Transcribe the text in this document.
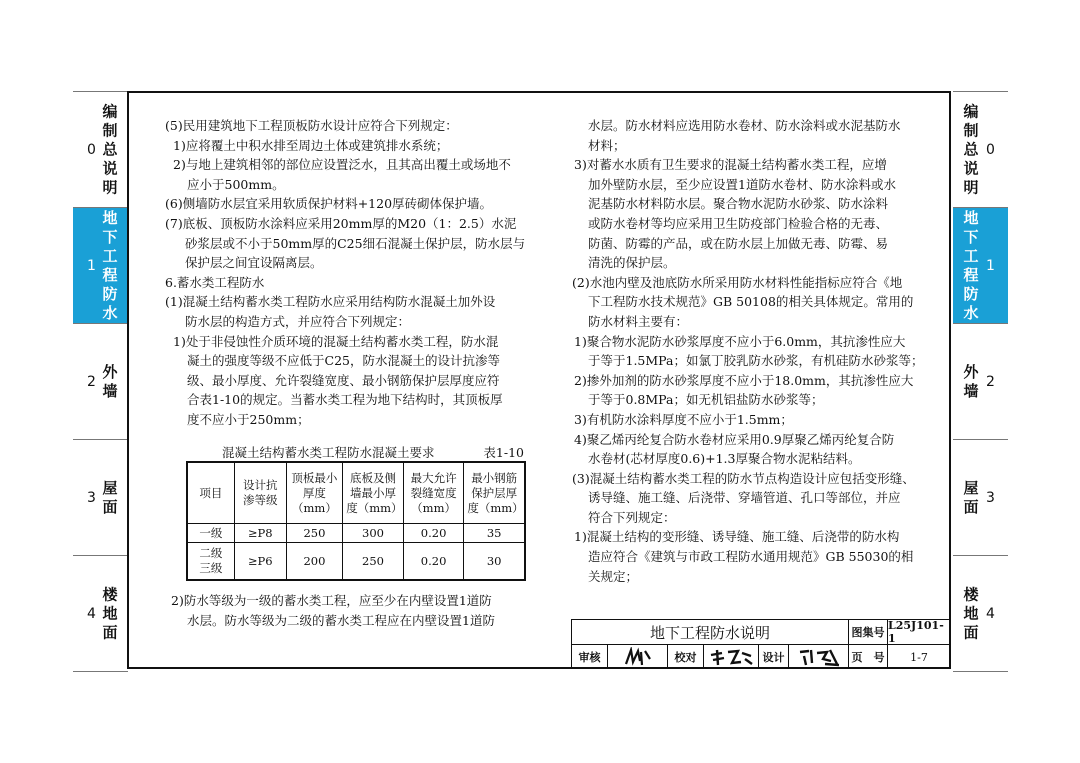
编
制
总
说
明
0
地
下
工
程
防
水
1
外
墙
2
屋
面
3
楼
地
面
4
编
制
总
说
明
0
地
下
工
程
防
水
1
外
墙 2
屋
面 3
楼
地
面
4
(5)民用建筑地下工程顶板防水设计应符合下列规定：
1)应将覆土中积水排至周边土体或建筑排水系统；
2)与地上建筑相邻的部位应设置泛水，且其高出覆土或场地不
应小于500mm。
(6)侧墙防水层宜采用软质保护材料+120厚砖砌体保护墙。
(7)底板、顶板防水涂料应采用20mm厚的M20（1：2.5）水泥
砂浆层或不小于50mm厚的C25细石混凝土保护层，防水层与
保护层之间宜设隔离层。
6.蓄水类工程防水
(1)混凝土结构蓄水类工程防水应采用结构防水混凝土加外设
防水层的构造方式，并应符合下列规定：
1)处于非侵蚀性介质环境的混凝土结构蓄水类工程，防水混
凝土的强度等级不应低于C25，防水混凝土的设计抗渗等
级、最小厚度、允许裂缝宽度、最小钢筋保护层厚度应符
合表1-10的规定。当蓄水类工程为地下结构时，其顶板厚
度不应小于250mm；
混凝土结构蓄水类工程防水混凝土要求	表1-10
项目	设计抗渗等级	顶板最小厚度（mm）	底板及侧墙最小厚度（mm）	最大允许裂缝宽度（mm）	最小钢筋保护层厚度（mm）
一级	≥P8	250	300	0.20	35
二级
三级	≥P6	200	250	0.20	30
2)防水等级为一级的蓄水类工程，应至少在内壁设置1道防
水层。防水等级为二级的蓄水类工程应在内壁设置1道防
水层。防水材料应选用防水卷材、防水涂料或水泥基防水
材料；
3)对蓄水水质有卫生要求的混凝土结构蓄水类工程，应增
加外壁防水层，至少应设置1道防水卷材、防水涂料或水
泥基防水材料防水层。聚合物水泥防水砂浆、防水涂料
或防水卷材等均应采用卫生防疫部门检验合格的无毒、
防菌、防霉的产品，或在防水层上加做无毒、防霉、易
清洗的保护层。
(2)水池内壁及池底防水所采用防水材料性能指标应符合《地
下工程防水技术规范》GB 50108的相关具体规定。常用的
防水材料主要有：
1)聚合物水泥防水砂浆厚度不应小于6.0mm，其抗渗性应大
于等于1.5MPa；如氯丁胶乳防水砂浆，有机硅防水砂浆等；
2)掺外加剂的防水砂浆厚度不应小于18.0mm，其抗渗性应大
于等于0.8MPa；如无机铝盐防水砂浆等；
3)有机防水涂料厚度不应小于1.5mm；
4)聚乙烯丙纶复合防水卷材应采用0.9厚聚乙烯丙纶复合防
水卷材(芯材厚度0.6)+1.3厚聚合物水泥粘结料。
(3)混凝土结构蓄水类工程的防水节点构造设计应包括变形缝、
诱导缝、施工缝、后浇带、穿墙管道、孔口等部位，并应
符合下列规定：
1)混凝土结构的变形缝、诱导缝、施工缝、后浇带的防水构
造应符合《建筑与市政工程防水通用规范》GB 55030的相
关规定；
地下工程防水说明	图集号
L25J101-1
审核	校对	设计	页　号	1-7
